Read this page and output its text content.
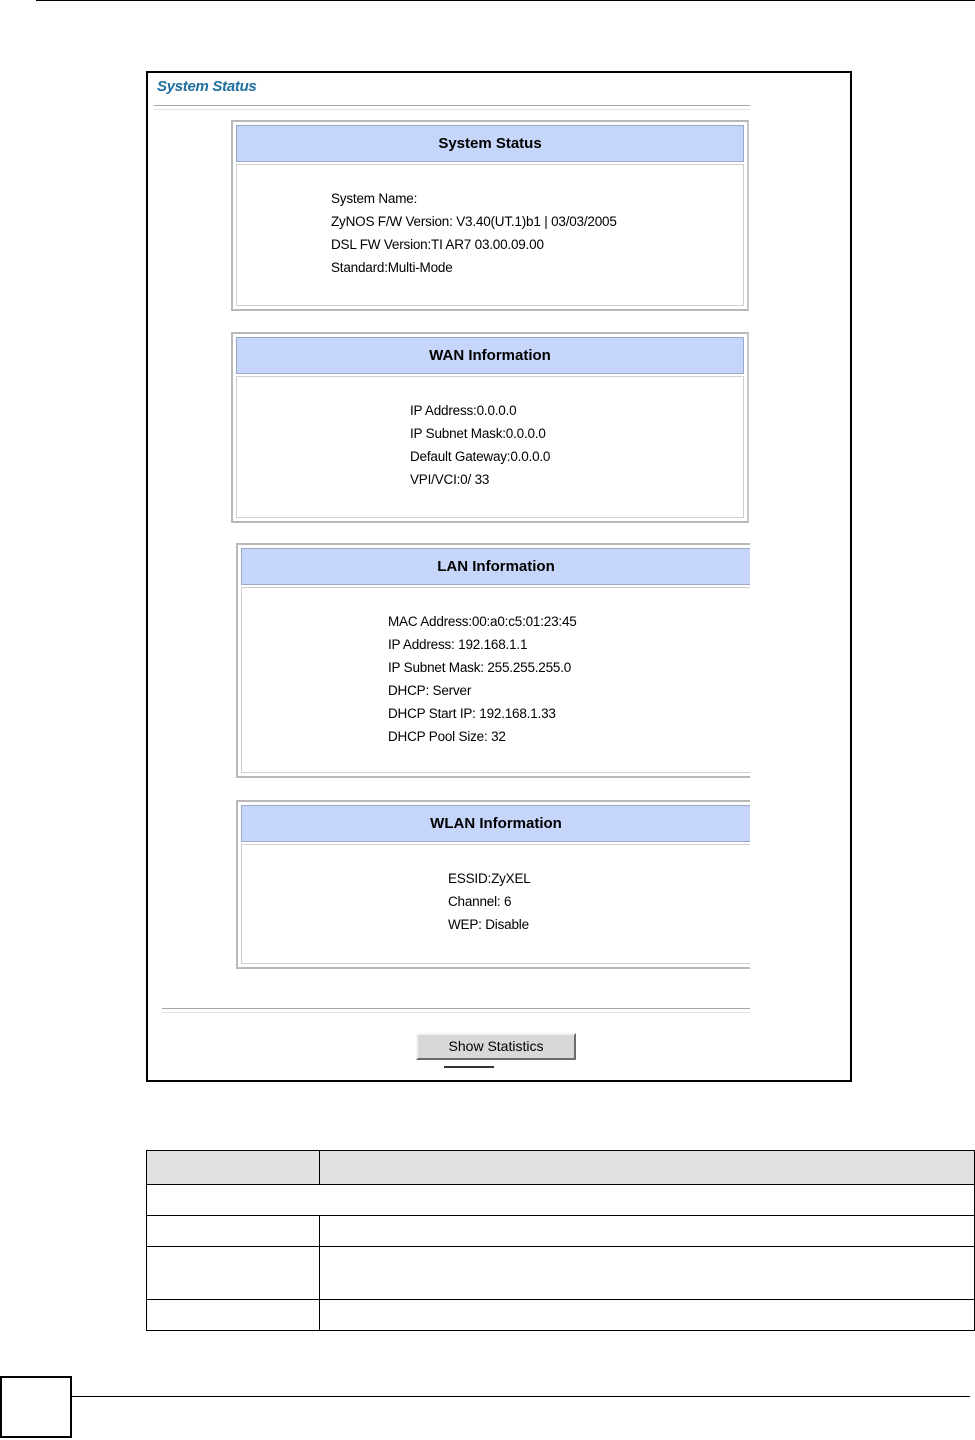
System Status
System Status
System Name:
ZyNOS F/W Version: V3.40(UT.1)b1 | 03/03/2005
DSL FW Version:TI AR7 03.00.09.00
Standard:Multi-Mode
WAN Information
IP Address:0.0.0.0
IP Subnet Mask:0.0.0.0
Default Gateway:0.0.0.0
VPI/VCI:0/ 33
LAN Information
MAC Address:00:a0:c5:01:23:45
IP Address: 192.168.1.1
IP Subnet Mask: 255.255.255.0
DHCP: Server
DHCP Start IP: 192.168.1.33
DHCP Pool Size: 32
WLAN Information
ESSID:ZyXEL
Channel: 6
WEP: Disable
Show Statistics
